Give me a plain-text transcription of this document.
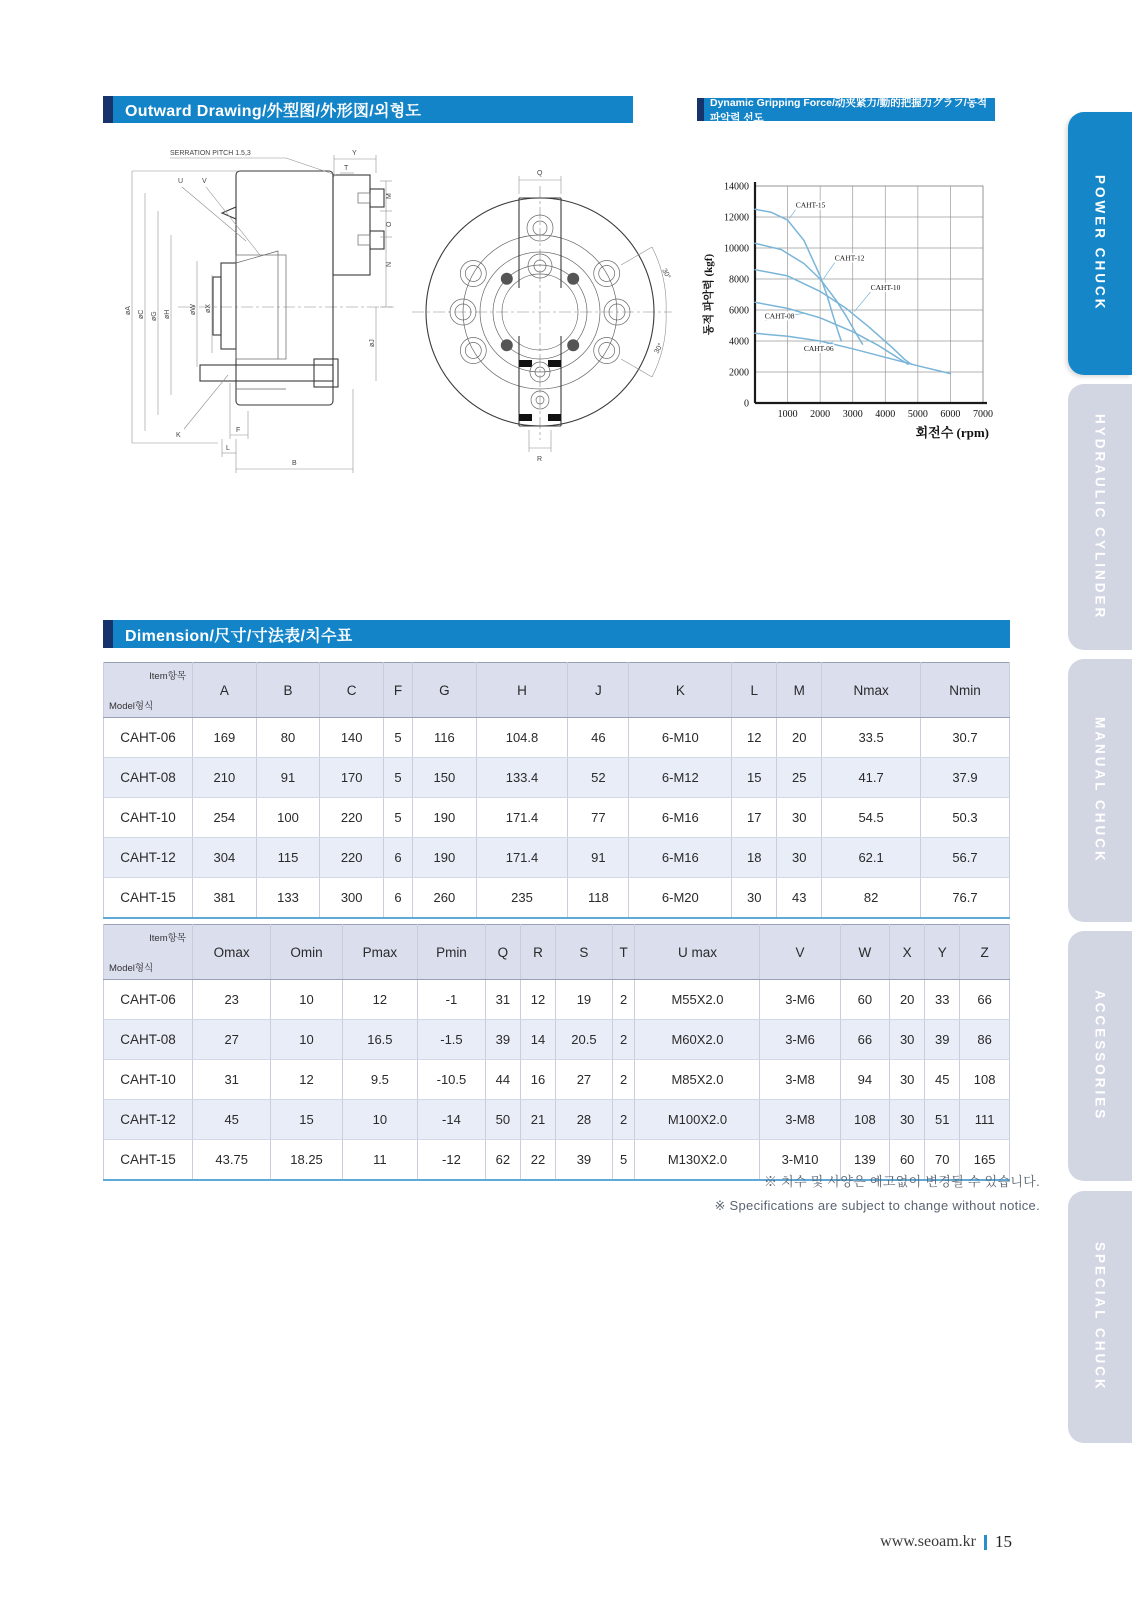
Outward Drawing/外型图/外形図/외형도
Dynamic Gripping Force/动夹紧力/動的把握力グラフ/동적 파악력 선도
SERRATION PITCH 1.5,3
U	V
Y
T
øA øC øG øH	øW øX
øJ
M
O
N
K
F
L
B
30°
30°
Q
R
0
2000
4000
6000
8000
10000
12000
14000
1000 2000 3000 4000 5000 6000 7000
CAHT-15
CAHT-12
CAHT-10
CAHT-08
CAHT-06
회전수 (rpm)
동적 파악력 (kgf)
Dimension/尺寸/寸法表/치수표
Item항목
Model형식	A	B	C	F	G	H	J	K	L	M	Nmax	Nmin
CAHT-06	169	80	140	5	116	104.8	46	6-M10	12	20	33.5	30.7
CAHT-08	210	91	170	5	150	133.4	52	6-M12	15	25	41.7	37.9
CAHT-10	254	100	220	5	190	171.4	77	6-M16	17	30	54.5	50.3
CAHT-12	304	115	220	6	190	171.4	91	6-M16	18	30	62.1	56.7
CAHT-15	381	133	300	6	260	235	118	6-M20	30	43	82	76.7
Item항목
Model형식	Omax	Omin	Pmax	Pmin	Q	R	S	T	U max	V	W	X	Y	Z
CAHT-06	23	10	12	-1	31	12	19	2	M55X2.0	3-M6	60	20	33	66
CAHT-08	27	10	16.5	-1.5	39	14	20.5	2	M60X2.0	3-M6	66	30	39	86
CAHT-10	31	12	9.5	-10.5	44	16	27	2	M85X2.0	3-M8	94	30	45	108
CAHT-12	45	15	10	-14	50	21	28	2	M100X2.0	3-M8	108	30	51	111
CAHT-15	43.75	18.25	11	-12	62	22	39	5	M130X2.0	3-M10	139	60	70	165
※ 치수 및 사양은 예고없이 변경될 수 있습니다.
※ Specifications are subject to change without notice.
POWER CHUCK
HYDRAULIC CYLINDER
MANUAL CHUCK
ACCESSORIES
SPECIAL CHUCK
www.seoam.kr 15
